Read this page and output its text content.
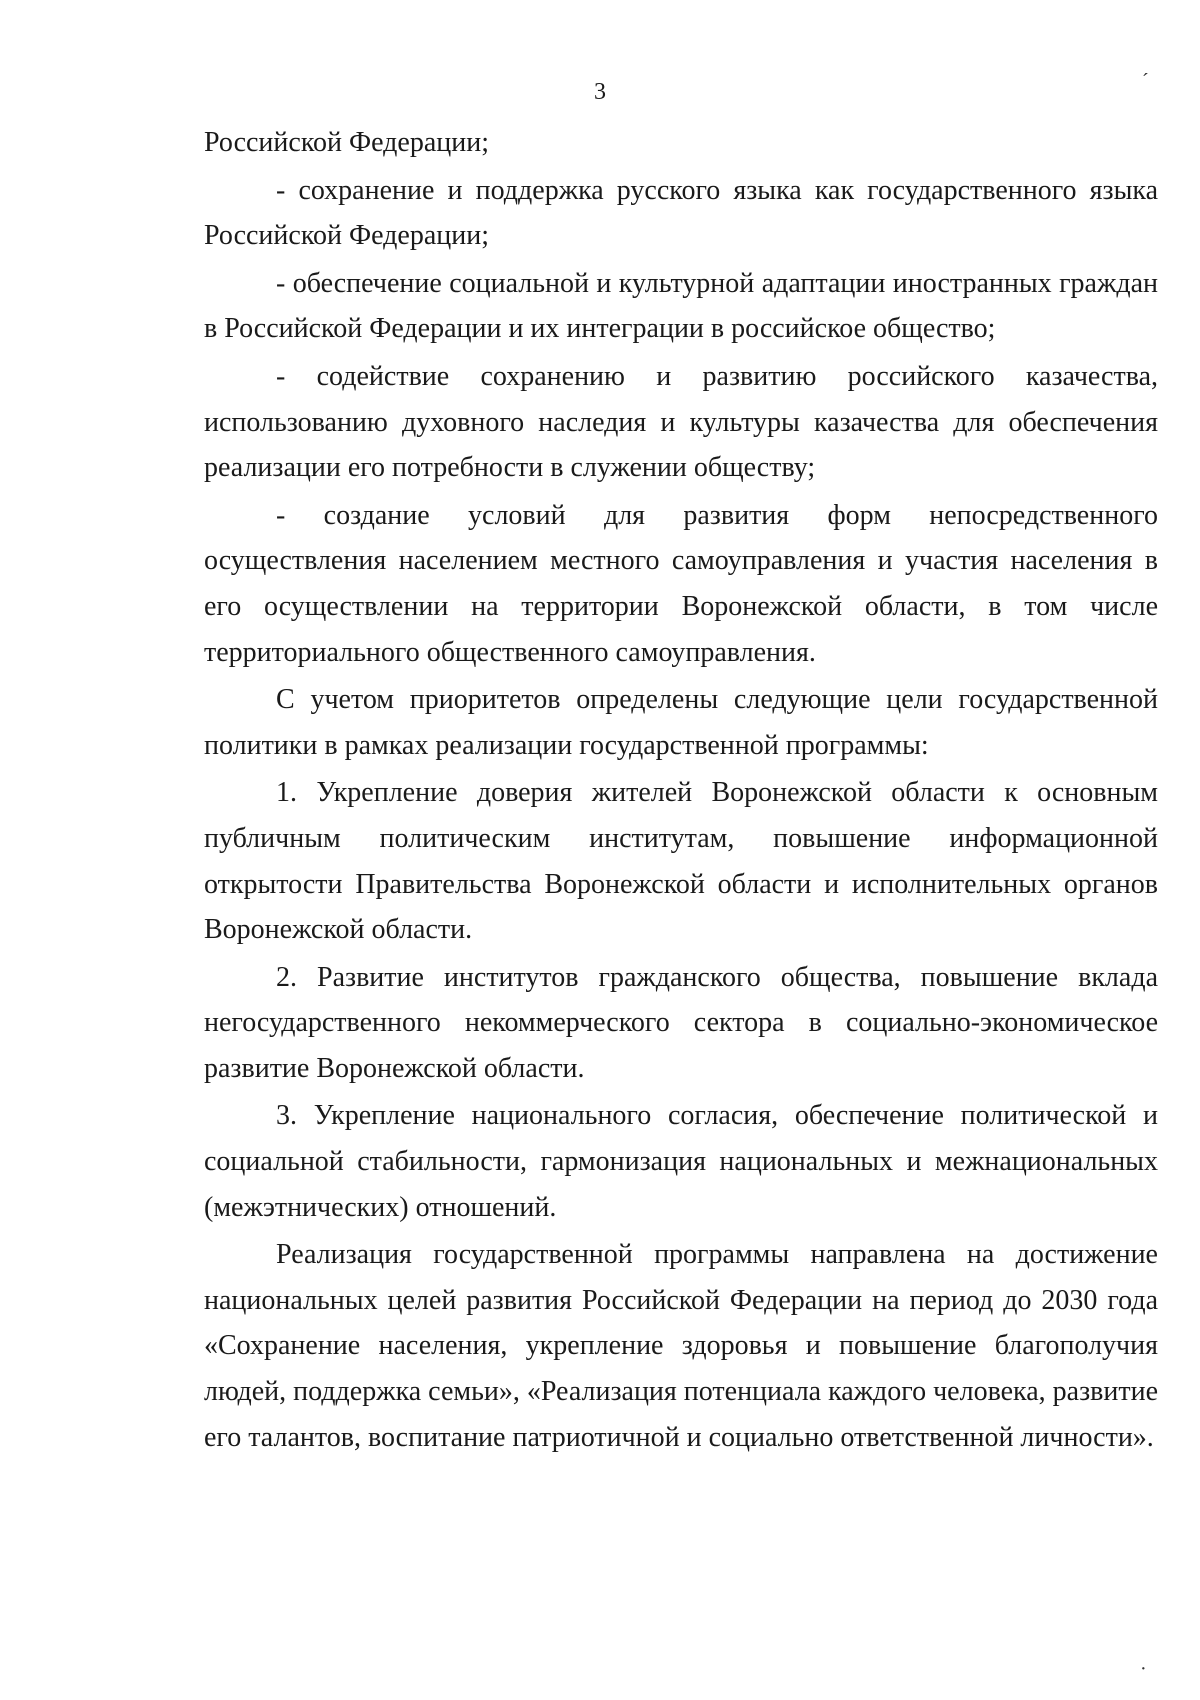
3	ˊ
·

Российской Федерации;

- сохранение и поддержка русского языка как государственного языка Российской Федерации;

- обеспечение социальной и культурной адаптации иностранных граждан в Российской Федерации и их интеграции в российское общество;

- содействие сохранению и развитию российского казачества, использованию духовного наследия и культуры казачества для обеспечения реализации его потребности в служении обществу;

- создание условий для развития форм непосредственного осуществления населением местного самоуправления и участия населения в его осуществлении на территории Воронежской области, в том числе территориального общественного самоуправления.

С учетом приоритетов определены следующие цели государственной политики в рамках реализации государственной программы:

1. Укрепление доверия жителей Воронежской области к основным публичным политическим институтам, повышение информационной открытости Правительства Воронежской области и исполнительных органов Воронежской области.

2. Развитие институтов гражданского общества, повышение вклада негосударственного некоммерческого сектора в социально-экономическое развитие Воронежской области.

3. Укрепление национального согласия, обеспечение политической и социальной стабильности, гармонизация национальных и межнациональных (межэтнических) отношений.

Реализация государственной программы направлена на достижение национальных целей развития Российской Федерации на период до 2030 года «Сохранение населения, укрепление здоровья и повышение благополучия людей, поддержка семьи», «Реализация потенциала каждого человека, развитие его талантов, воспитание патриотичной и социально ответственной личности».
